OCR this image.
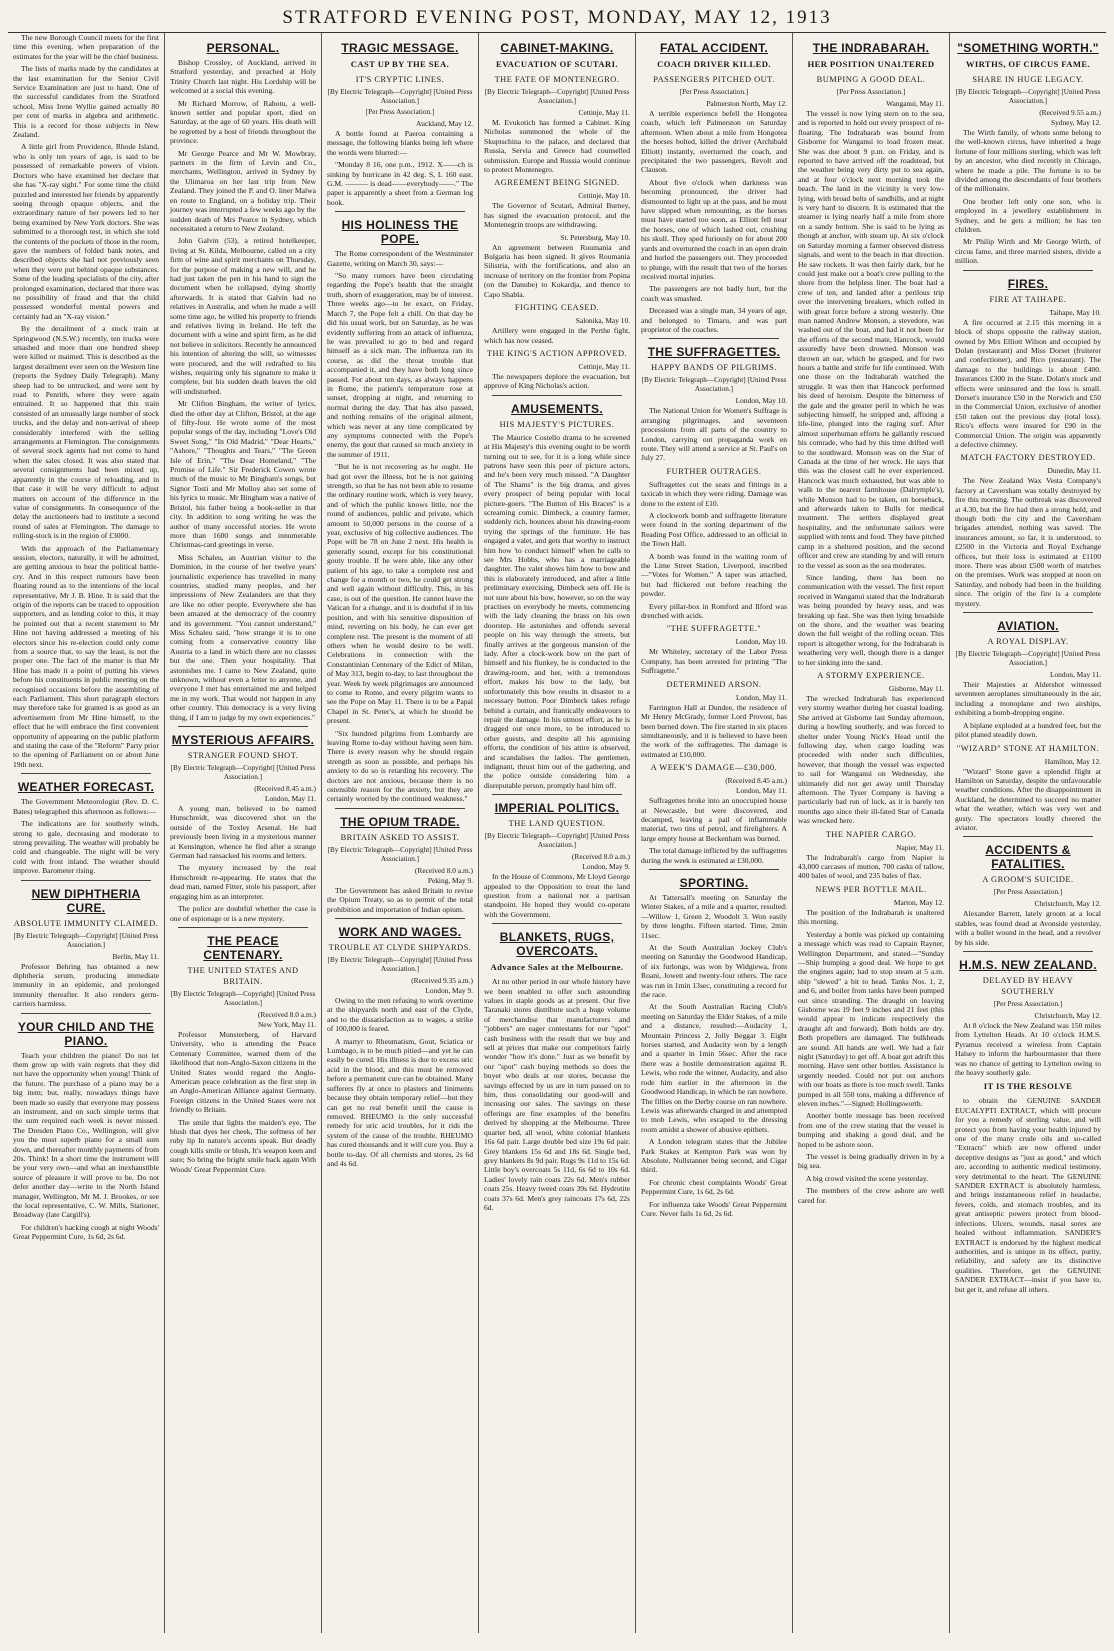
STRATFORD EVENING POST, MONDAY, MAY 12, 1913

The new Borough Council meets for the first time this evening, when preparation of the estimates for the year will be the chief business.

The lists of marks made by the candidates at the last examination for the Senior Civil Service Examination are just to hand. One of the successful candidates from the Stratford school, Miss Irene Wyllie gained actually 80 per cent of marks in algebra and arithmetic. This is a record for those subjects in New Zealand.

A little girl from Providence, Rhode Island, who is only ten years of age, is said to be possessed of remarkable powers of vision. Doctors who have examined her declare that she has "X-ray sight." For some time the child puzzled and interested her friends by apparently seeing through opaque objects, and the extraordinary nature of her powers led to her being examined by New York doctors. She was submitted to a thorough test, in which she told the contents of the pockets of those in the room, gave the numbers of folded bank notes, and described objects she had not previously seen when they were put behind opaque substances. Some of the leading specialists of the city, after prolonged examination, declared that there was no possibility of fraud and that the child possessed wonderful mental powers and certainly had an "X-ray vision."

By the derailment of a stock train at Springwood (N.S.W.) recently, ten trucks were smashed and more than one hundred sheep were killed or maimed. This is described as the largest derailment ever seen on the Western line (reports the Sydney Daily Telegraph). Many sheep had to be untrucked, and were sent by road to Penrith, where they were again entrained. It so happened that this train consisted of an unusually large number of stock trucks, and the delay and non-arrival of sheep considerably interfered with the selling arrangements at Flemington. The consignments of several stock agents had not come to hand when the sales closed. It was also stated that several consignments had been mixed up, apparently in the course of reloading, and in that case it will be very difficult to adjust matters on account of the difference in the value of consignments. In consequence of the delay the auctioneers had to institute a second round of sales at Flemington. The damage to rolling-stock is in the region of £3000.

With the approach of the Parliamentary session, electors, naturally, it will be admitted, are getting anxious to hear the political battle-cry. And in this respect rumours have been floating round as to the intentions of the local representative, Mr J. B. Hine. It is said that the origin of the reports can be traced to opposition supporters, and as lending color to this, it may be pointed out that a recent statement to Mr Hine not having addressed a meeting of his electors since his re-election could only come from a source that, to say the least, is not the proper one. The fact of the matter is that Mr Hine has made it a point of putting his views before his constituents in public meeting on the recognised occasions before the assembling of each Parliament. This short paragraph electors may therefore take for granted is as good as an advertisement from Mr Hine himself, to the effect that he will embrace the first convenient opportunity of appearing on the public platform and stating the case of the "Reform" Party prior to the opening of Parliament on or about June 19th next.

WEATHER FORECAST.

The Government Meteorologist (Rev. D. C. Bates) telegraphed this afternoon as follows:—

The indications are for southerly winds, strong to gale, decreasing and moderate to strong prevailing. The weather will probably be cold and changeable. The night will be very cold with frost inland. The weather should improve. Barometer rising.

NEW DIPHTHERIA CURE.
ABSOLUTE IMMUNITY CLAIMED.
[By Electric Telegraph—Copyright] [United Press Association.]
Berlin, May 11.

Professor Behring has obtained a new diphtheria serum, producing immediate immunity in an epidemic, and prolonged immunity thereafter. It also renders germ-carriers harmless.

YOUR CHILD AND THE PIANO.

Teach your children the piano! Do not let them grow up with vain regrets that they did not have the opportunity when young! Think of the future. The purchase of a piano may be a big item; but, really, nowadays things have been made so easily that everyone may possess an instrument, and on such simple terms that the sum required each week is never missed. The Dresden Piano Co., Wellington, will give you the most superb piano for a small sum down, and thereafter monthly payments of from 20s. Think! In a short time the instrument will be your very own—and what an inexhaustible source of pleasure it will prove to be. Do not defer another day—write to the North Island manager, Wellington, Mr M. J. Brookes, or see the local representative, C. W. Mills, Stationer, Broadway (late Cargill's).

For children's hacking cough at night Woods' Great Peppermint Cure, 1s 6d, 2s 6d.

PERSONAL.

Bishop Crossley, of Auckland, arrived in Stratford yesterday, and preached at Holy Trinity Church last night. His Lordship will be welcomed at a social this evening.

Mr Richard Morrow, of Rahotu, a well-known settler and popular sport, died on Saturday, at the age of 60 years. His death will be regretted by a host of friends throughout the province.

Mr George Pearce and Mr W. Mowbray, partners in the firm of Levin and Co., merchants, Wellington, arrived in Sydney by the Ulimaroa on her last trip from New Zealand. They joined the P. and O. liner Malwa en route to England, on a holiday trip. Their journey was interrupted a few weeks ago by the sudden death of Mrs Pearce in Sydney, which necessitated a return to New Zealand.

John Galvin (53), a retired hotelkeeper, living at St. Kilda, Melbourne, called on a city firm of wine and spirit merchants on Thursday, for the purpose of making a new will, and he had just taken the pen in his hand to sign the document when he collapsed, dying shortly afterwards. It is stated that Galvin had no relatives in Australia, and when he made a will some time ago, he willed his property to friends and relatives living in Ireland. He left the document with a wine and spirit firm, as he did not believe in solicitors. Recently he announced his intention of altering the will, so witnesses were procured, and the will redrafted to his wishes, requiring only his signature to make it complete, but his sudden death leaves the old will undisturbed.

Mr Clifton Bingham, the writer of lyrics, died the other day at Clifton, Bristol, at the age of fifty-four. He wrote some of the most popular songs of the day, including "Love's Old Sweet Song," "In Old Madrid," "Dear Hearts," "Ashore," "Thoughts and Tears," "The Green Isle of Erin," "The Dear Homeland," "The Promise of Life." Sir Frederick Cowen wrote much of the music to Mr Bingham's songs, but Signor Tosti and Mr Molloy also set some of his lyrics to music. Mr Bingham was a native of Bristol, his father being a book-seller in that city. In addition to song writing he was the author of many successful stories. He wrote more than 1600 songs and innumerable Christmas-card greetings in verse.

Miss Schaleu, an Austrian visitor to the Dominion, in the course of her twelve years' journalistic experience has travelled in many countries, studied many peoples, and her impressions of New Zealanders are that they are like no other people. Everywhere she has been amazed at the democracy of the country and its government. "You cannot understand," Miss Schaleu said, "how strange it is to one coming from a conservative country like Austria to a land in which there are no classes but the one. Then your hospitality. That astonishes me. I came to New Zealand, quite unknown, without even a letter to anyone, and everyone I met has entertained me and helped me in my work. That would not happen in any other country. This democracy is a very living thing, if I am to judge by my own experiences."

MYSTERIOUS AFFAIRS.
STRANGER FOUND SHOT.
[By Electric Telegraph—Copyright] [United Press Association.]
(Received 8.45 a.m.)
London, May 11.

A young man, believed to be named Hunschreidt, was discovered shot on the outside of the Toxley Arsenal. He had previously been living in a mysterious manner at Kensington, whence he fled after a strange German had ransacked his rooms and letters.

The mystery increased by the real Hunschreidt re-appearing. He states that the dead man, named Fitter, stole his passport, after engaging him as an interpreter.

The police are doubtful whether the case is one of espionage or is a new mystery.

THE PEACE CENTENARY.
THE UNITED STATES AND BRITAIN.
[By Electric Telegraph—Copyright] [United Press Association.]
(Received 8.0 a.m.)
New York, May 11.

Professor Munsterberg, of Harvard University, who is attending the Peace Centenary Committee, warned them of the likelihood that non-Anglo-Saxon citizens in the United States would regard the Anglo-American peace celebration as the first step in an Anglo-American Alliance against Germany. Foreign citizens in the United States were not friendly to Britain.

The smile that lights the maiden's eye, The blush that dyes her cheek, The softness of her ruby lip In nature's accents speak. But deadly cough kills smile or blush, It's weapon keen and sure; So bring the bright smile back again With Woods' Great Peppermint Cure.

TRAGIC MESSAGE.
CAST UP BY THE SEA.
IT'S CRYPTIC LINES.
[By Electric Telegraph—Copyright] [United Press Association.]
[Per Press Association.]
Auckland, May 12.

A bottle found at Paeroa containing a message, the following blanks being left where the words were blurred:—

"Monday 8 16, one p.m., 1912. X——ch is sinking by hurricane in 42 deg. S, L 160 east. G.M. ——— is dead——everybody——." The paper is apparently a sheet from a German log book.

HIS HOLINESS THE POPE.

The Rome correspondent of the Westminster Gazette, writing on March 30, says:—

"So many rumors have been circulating regarding the Pope's health that the straight truth, shorn of exaggeration, may be of interest. Three weeks ago—to be exact, on Friday, March 7, the Pope felt a chill. On that day he did his usual work, but on Saturday, as he was evidently suffering from an attack of influenza, he was prevailed to go to bed and regard himself as a sick man. The influenza ran its course, as did the throat trouble that accompanied it, and they have both long since passed. For about ten days, as always happens in Rome, the patient's temperature rose at sunset, dropping at night, and returning to normal during the day. That has also passed, and nothing remains of the original ailment, which was never at any time complicated by any symptoms connected with the Pope's enemy, the gout that caused so much anxiety in the summer of 1911.

"But he is not recovering as he ought. He had got over the illness, but he is not gaining strength, so that he has not been able to resume the ordinary routine work, which is very heavy, and of which the public knows little, nor the round of audiences, public and private, which amount to 50,000 persons in the course of a year, exclusive of big collective audiences. The Pope will be 78 on June 2 next. His health is generally sound, except for his constitutional gouty trouble. If he were able, like any other patient of his age, to take a complete rest and change for a month or two, he could get strong and well again without difficulty. This, in his case, is out of the question. He cannot leave the Vatican for a change, and it is doubtful if in his position, and with his sensitive disposition of mind, reverting on his body, he can ever get complete rest. The present is the moment of all others when he would desire to be well. Celebrations in connection with the Constantinian Centenary of the Edict of Milan, of May 313, begin to-day, to last throughout the year. Week by week pilgrimages are announced to come to Rome, and every pilgrim wants to see the Pope on May 11. There is to be a Papal Chapel in St. Peter's, at which he should be present.

"Six hundred pilgrims from Lombardy are leaving Rome to-day without having seen him. There is every reason why he should regain strength as soon as possible, and perhaps his anxiety to do so is retarding his recovery. The doctors are not anxious, because there is no ostensible reason for the anxiety, but they are certainly worried by the continued weakness."

THE OPIUM TRADE.
BRITAIN ASKED TO ASSIST.
[By Electric Telegraph—Copyright] [United Press Association.]
(Received 8.0 a.m.)
Peking, May 9.

The Government has asked Britain to revise the Opium Treaty, so as to permit of the total prohibition and importation of Indian opium.

WORK AND WAGES.
TROUBLE AT CLYDE SHIPYARDS.
[By Electric Telegraph—Copyright] [United Press Association.]
(Received 9.35 a.m.)
London, May 9.

Owing to the men refusing to work overtime at the shipyards north and east of the Clyde, and to the dissatisfaction as to wages, a strike of 100,000 is feared.

A martyr to Rheumatism, Gout, Sciatica or Lumbago, is to be much pitied—and yet he can easily be cured. His illness is due to excess uric acid in the blood, and this must be removed before a permanent cure can be obtained. Many sufferers fly at once to plasters and liniments because they obtain temporary relief—but they can get no real benefit until the cause is removed. RHEUMO is the only successful remedy for uric acid troubles, for it rids the system of the cause of the trouble. RHEUMO has cured thousands and it will cure you. Buy a bottle to-day. Of all chemists and stores, 2s 6d and 4s 6d.

CABINET-MAKING.
EVACUATION OF SCUTARI.
THE FATE OF MONTENEGRO.
[By Electric Telegraph—Copyright] [United Press Association.]
Cettinje, May 11.

M. Evukotich has formed a Cabinet. King Nicholas summoned the whole of the Skuptschina to the palace, and declared that Russia, Servia and Greece had counselled submission. Europe and Russia would continue to protect Montenegro.

AGREEMENT BEING SIGNED.
Cettinje, May 10.

The Governor of Scutari, Admiral Burney, has signed the evacuation protocol, and the Montenegrin troops are withdrawing.

St. Petersburg, May 10.

An agreement between Roumania and Bulgaria has been signed. It gives Roumania Silistria, with the fortifications, and also an increase of territory on the frontier from Popina (on the Danube) to Kokardja, and thence to Capo Shabla.

FIGHTING CEASED.
Salonika, May 10.

Artillery were engaged in the Perthe fight, which has now ceased.

THE KING'S ACTION APPROVED.
Cettinje, May 11.

The newspapers deplore the evacuation, but approve of King Nicholas's action.

AMUSEMENTS.
HIS MAJESTY'S PICTURES.

The Maurice Costello drama to be screened at His Majesty's this evening ought to be worth turning out to see, for it is a long while since patrons have seen this peer of picture actors, and he's been very much missed. "A Daughter of The Shams" is the big drama, and gives every prospect of being popular with local picture-goers. "The Button of His Braces" is a screaming comic. Dimbeck, a country farmer, suddenly rich, bounces about his drawing-room trying the springs of the furniture. He has engaged a valet, and gets that worthy to instruct him how 'to conduct himself' when he calls to see Mrs Hobbs, who has a marriageable daughter. The valet shows him how to bow and this is elaborately introduced, and after a little preliminary exercising, Dimbeck sets off. He is not sure about his bow, however, so on the way practises on everybody he meets, commencing with the lady cleaning the brass on his own doorstep. He astonishes and offends several people on his way through the streets, but finally arrives at the gorgeous mansion of the lady. After a clock-work bow on the part of himself and his flunkey, he is conducted to the drawing-room, and her, with a tremendous effort, makes his bow to the lady, but unfortunately this bow results in disaster to a necessary button. Poor Dimbeck takes refuge behind a curtain, and frantically endeavours to repair the damage. In his utmost effort, as he is dragged out once more, to be introduced to other guests, and despite all his agonising efforts, the condition of his attire is observed, and scandalises the ladies. The gentlemen, indignant, thrust him out of the gathering, and the police outside considering him a disreputable person, promptly haul him off.

IMPERIAL POLITICS.
THE LAND QUESTION.
[By Electric Telegraph—Copyright] [United Press Association.]
(Received 8.0 a.m.)
London, May 9.

In the House of Commons, Mr Lloyd George appealed to the Opposition to treat the land question from a national not a partisan standpoint. He hoped they would co-operate with the Government.

BLANKETS, RUGS, OVERCOATS.
Advance Sales at the Melbourne.

At no other period in our whole history have we been enabled to offer such astounding values in staple goods as at present. Our five Taranaki stores distribute such a huge volume of merchandise that manufacturers and "jobbers" are eager contestants for our "spot" cash business with the result that we buy and sell at prices that make our competitors fairly wonder "how it's done." Just as we benefit by our "spot" cash buying methods so does the buyer who deals at our stores, because the savings effected by us are in turn passed on to him, thus consolidating our good-will and increasing our sales. The savings on these offerings are fine examples of the benefits derived by shopping at the Melbourne. Three quarter bed, all wool, white colonial blankets 16s 6d pair. Large double bed size 19s 6d pair. Grey blankets 15s 6d and 18s 6d. Single bed, grey blankets 8s 9d pair. Rugs 9s 11d to 15s 6d. Little boy's overcoats 5s 11d, 6s 6d to 10s 6d. Ladies' lovely rain coats 22s 6d. Men's rubber coats 25s. Heavy tweed coats 39s 6d. Hydrotite coats 37s 6d. Men's grey raincoats 17s 6d, 22s 6d.

FATAL ACCIDENT.
COACH DRIVER KILLED.
PASSENGERS PITCHED OUT.
[Per Press Association.]
Palmerston North, May 12.

A terrible experience befell the Hongotea coach, which left Palmerston on Saturday afternoon. When about a mile from Hongotea the horses bolted, killed the driver (Archibald Elliott) instantly, overturned the coach, and precipitated the two passengers, Revolt and Clauson.

About five o'clock when darkness was becoming pronounced, the driver had dismounted to light up at the pass, and he must have slipped when remounting, as the horses must have started too soon, as Elliott fell near the horses, one of which lashed out, crushing his skull. They sped furiously on for about 200 yards and overturned the coach in an open drain and hurled the passengers out. They proceeded to plunge, with the result that two of the horses received mortal injuries.

The passengers are not badly hurt, but the coach was smashed.

Deceased was a single man, 34 years of age, and belonged to Timaru, and was part proprietor of the coaches.

THE SUFFRAGETTES.
HAPPY BANDS OF PILGRIMS.
[By Electric Telegraph—Copyright] [United Press Association.]
London, May 10.

The National Union for Women's Suffrage is arranging pilgrimages, and seventeen processions from all parts of the country to London, carrying out propaganda work en route. They will attend a service at St. Paul's on July 27.

FURTHER OUTRAGES.

Suffragettes cut the seats and fittings in a taxicab in which they were riding. Damage was done to the extent of £10.

A clockwork bomb and suffragette literature were found in the sorting department of the Reading Post Office, addressed to an official in the Town Hall.

A bomb was found in the waiting room of the Lime Street Station, Liverpool, inscribed—"Votes for Women." A taper was attached, but had flickered out before reaching the powder.

Every pillar-box in Romford and Ilford was drenched with acids.

"THE SUFFRAGETTE."
London, May 10.

Mr Whiteley, secretary of the Labor Press Company, has been arrested for printing "The Suffragette."

DETERMINED ARSON.
London, May 11.

Farrington Hall at Dundee, the residence of Mr Henry McGrady, former Lord Provost, has been burned down. The fire started in six places simultaneously, and it is believed to have been the work of the suffragettes. The damage is estimated at £10,000.

A WEEK'S DAMAGE—£30,000.
(Received 8.45 a.m.)
London, May 11.

Suffragettes broke into an unoccupied house at Newcastle, but were discovered, and decamped, leaving a pail of inflammable material, two tins of petrol, and firelighters. A large empty house at Beckenham was burned.

The total damage inflicted by the suffragettes during the week is estimated at £30,000.

SPORTING.

At Tattersall's meeting on Saturday the Winter Stakes, of a mile and a quarter, resulted:—Willow 1, Green 2, Woodolt 3. Won easily by three lengths. Fifteen started. Time, 2min 11sec.

At the South Australian Jockey Club's meeting on Saturday the Goodwood Handicap, of six furlongs, was won by Widgiewa, from Roani, Jowett and twenty-four others. The race was run in 1min 13sec, constituting a record for the race.

At the South Australian Racing Club's meeting on Saturday the Elder Stakes, of a mile and a distance, resulted:—Audacity 1, Mountain Princess 2, Jolly Beggar 3. Eight horses started, and Audacity won by a length and a quarter in 1min 56sec. After the race there was a hostile demonstration against R. Lewis, who rode the winner, Audacity, and also rode him earlier in the afternoon in the Goodwood Handicap, in which he ran nowhere. The fillies on the Derby course on ran nowhere. Lewis was afterwards charged in and attempted to mob Lewis, who escaped to the dressing room amidst a shower of abusive epithets.

A London telegram states that the Jubilee Park Stakes at Kempton Park was won by Absolute, Nullstanner being second, and Cigar third.

For chronic chest complaints Woods' Great Peppermint Cure, 1s 6d, 2s 6d.

For influenza take Woods' Great Peppermint Cure. Never fails 1s 6d, 2s 6d.

THE INDRABARAH.
HER POSITION UNALTERED
BUMPING A GOOD DEAL.
[Per Press Association.]
Wanganui, May 11.

The vessel is now lying stern on to the sea, and is reported to hold out every prospect of re-floating. The Indrabarah was bound from Gisborne for Wanganui to load frozen meat. She was due about 9 p.m. on Friday, and is reported to have arrived off the roadstead, but the weather being very dirty put to sea again, and at four o'clock next morning took the beach. The land in the vicinity is very low-lying, with broad belts of sandhills, and at night is very hard to discern. It is estimated that the steamer is lying nearly half a mile from shore on a sandy bottom. She is said to be lying as though at anchor, with steam up. At six o'clock on Saturday morning a farmer observed distress signals, and went to the beach in that direction. He saw rockets. It was then fairly dark, but he could just make out a boat's crew pulling to the shore from the helpless liner. The boat had a crew of ten, and landed after a perilous trip over the intervening breakers, which rolled in with great force before a strong westerly. One man named Andrew Monson, a stevedore, was washed out of the boat, and had it not been for the efforts of the second mate, Hancock, would assuredly have been drowned. Monson was thrown an oar, which he grasped, and for two hours a battle and strife for life continued. With one those on the Indrabarah watched the struggle. It was then that Hancock performed his deed of heroism. Despite the bitterness of the gale and the greater peril in which he was subjecting himself, he stripped and, affixing a life-line, plunged into the raging surf. After almost superhuman efforts he gallantly rescued his comrade, who had by this time drifted well to the southward. Monson was on the Star of Canada at the time of her wreck. He says that this was the closest call he ever experienced. Hancock was much exhausted, but was able to walk to the nearest farmhouse (Dalrymple's), while Monson had to be taken, on horseback, and afterwards taken to Bulls for medical treatment. The settlers displayed great hospitality, and the unfortunate sailors were supplied with tents and food. They have pitched camp in a sheltered position, and the second officer and crew are standing by and will return to the vessel as soon as the sea moderates.

Since landing, there has been no communication with the vessel. The first report received in Wanganui stated that the Indrabarah was being pounded by heavy seas, and was breaking up fast. She was then lying broadside on the shore, and the weather was bearing down the full weight of the rolling ocean. This report is altogether wrong, for the Indrabarah is weathering very well, though there is a danger to her sinking into the sand.

A STORMY EXPERIENCE.
Gisborne, May 11.

The wrecked Indrabarah has experienced very stormy weather during her coastal loading. She arrived at Gisborne last Sunday afternoon, during a howling southerly, and was forced to shelter under Young Nick's Head until the following day, when cargo loading was proceeded with under such difficulties, however, that though the vessel was expected to sail for Wanganui on Wednesday, she ultimately did not get away until Thursday afternoon. The Tyser Company is having a particularly bad run of luck, as it is barely ten months ago since their ill-fated Star of Canada was wrecked here.

THE NAPIER CARGO.
Napier, May 11.

The Indrabarah's cargo from Napier is 43,000 carcases of mutton, 700 casks of tallow, 400 bales of wool, and 235 bales of flax.

NEWS PER BOTTLE MAIL.
Marton, May 12.

The position of the Indrabarah is unaltered this morning.

Yesterday a bottle was picked up containing a message which was read to Captain Rayner, Wellington Department, and stated—"Sunday—Ship bumping a good deal. We hope to get the engines again; had to stop steam at 5 a.m. ship "slewed" a bit to head. Tanks Nos. 1, 2, and 6, and boiler from tanks have been pumped out since stranding. The draught on leaving Gisborne was 19 feet 9 inches and 21 feet (this would appear to indicate respectively the draught aft and forward). Both holds are dry. Both propellers are damaged. The bulkheads are sound. All hands are well. We had a fair night (Saturday) to get off. A boat got adrift this morning. Have sent other bottles. Assistance is urgently needed. Could not put out anchors with our boats as there is too much swell. Tanks pumped in all 550 tons, making a difference of eleven inches."—Signed: Hollingsworth.

Another bottle message has been received from one of the crew stating that the vessel is bumping and shaking a good deal, and he hoped to be ashore soon.

The vessel is being gradually driven in by a big sea.

A big crowd visited the scene yesterday.

The members of the crew ashore are well cared for.

"SOMETHING WORTH."
WIRTHS, OF CIRCUS FAME.
SHARE IN HUGE LEGACY.
[By Electric Telegraph—Copyright] [United Press Association.]
(Received 9.55 a.m.)
Sydney, May 12.

The Wirth family, of whom some belong to the well-known circus, have inherited a huge fortune of four millions sterling, which was left by an ancestor, who died recently in Chicago, where he made a pile. The fortune is to be divided among the descendants of four brothers of the millionaire.

One brother left only one son, who is employed in a jewellery establishment in Sydney, and he gets a million; he has ten children.

Mr Philip Wirth and Mr George Wirth, of circus fame, and three married sisters, divide a million.

FIRES.
FIRE AT TAIHAPE.
Taihape, May 10.

A fire occurred at 2.15 this morning in a block of shops opposite the railway station, owned by Mrs Elliott Wilson and occupied by Dolan (restaurant) and Miss Dorset (fruiterer and confectioner), and Rico (restaurant). The damage to the buildings is about £400. Insurances £300 in the State. Dolan's stock and effects were uninsured and the loss is small. Dorset's insurance £50 in the Norwich and £50 in the Commercial Union, exclusive of another £50 taken out the previous day (total loss). Rico's effects were insured for £90 in the Commercial Union. The origin was apparently a defective chimney.

MATCH FACTORY DESTROYED.
Dunedin, May 11.

The New Zealand Wax Vesta Company's factory at Caversham was totally destroyed by fire this morning. The outbreak was discovered at 4.30, but the fire had then a strong hold, and though both the city and the Caversham brigades attended, nothing was saved. The insurances amount, so far, it is understood, to £2500 in the Victoria and Royal Exchange offices, but their loss is estimated at £1100 more. There was about £500 worth of matches on the premises. Work was stopped at noon on Saturday, and nobody had been in the building since. The origin of the fire is a complete mystery.

AVIATION.
A ROYAL DISPLAY.
[By Electric Telegraph—Copyright] [United Press Association.]
London, May 11.

Their Majesties at Aldershot witnessed seventeen aeroplanes simultaneously in the air, including a monoplane and two airships, exhibiting a bomb-dropping engine.

A biplane exploded at a hundred feet, but the pilot planed steadily down.

"WIZARD" STONE AT HAMILTON.
Hamilton, May 12.

"Wizard" Stone gave a splendid flight at Hamilton on Saturday, despite the unfavourable weather conditions. After the disappointment in Auckland, he determined to succeed no matter what the weather, which was very wet and gusty. The spectators loudly cheered the aviator.

ACCIDENTS & FATALITIES.
A GROOM'S SUICIDE.
[Per Press Association.]
Christchurch, May 12.

Alexander Barrett, lately groom at a local stables, was found dead at Avonside yesterday, with a bullet wound in the head, and a revolver by his side.

H.M.S. NEW ZEALAND.
DELAYED BY HEAVY SOUTHERLY
[Per Press Association.]
Christchurch, May 12.

At 8 o'clock the New Zealand was 150 miles from Lyttelton Heads. At 10 o'clock H.M.S. Pyramus received a wireless from Captain Halsey to inform the harbourmaster that there was no chance of getting to Lyttelton owing to the heavy southerly gale.

IT IS THE RESOLVE

to obtain the GENUINE SANDER EUCALYPTI EXTRACT, which will procure for you a remedy of sterling value, and will protect you from having your health injured by one of the many crude oils and so-called "Extracts" which are now offered under deceptive designs as "just as good," and which are, according to authentic medical testimony, very detrimental to the heart. The GENUINE SANDER EXTRACT is absolutely harmless, and brings instantaneous relief in headache, fevers, colds, and stomach troubles, and its great antiseptic powers protect from blood-infections. Ulcers, wounds, nasal sores are healed without inflammation. SANDER'S EXTRACT is endorsed by the highest medical authorities, and is unique in its effect, purity, reliability, and safety are its distinctive qualities. Therefore, get the GENUINE SANDER EXTRACT—insist if you have to, but get it, and refuse all others.
